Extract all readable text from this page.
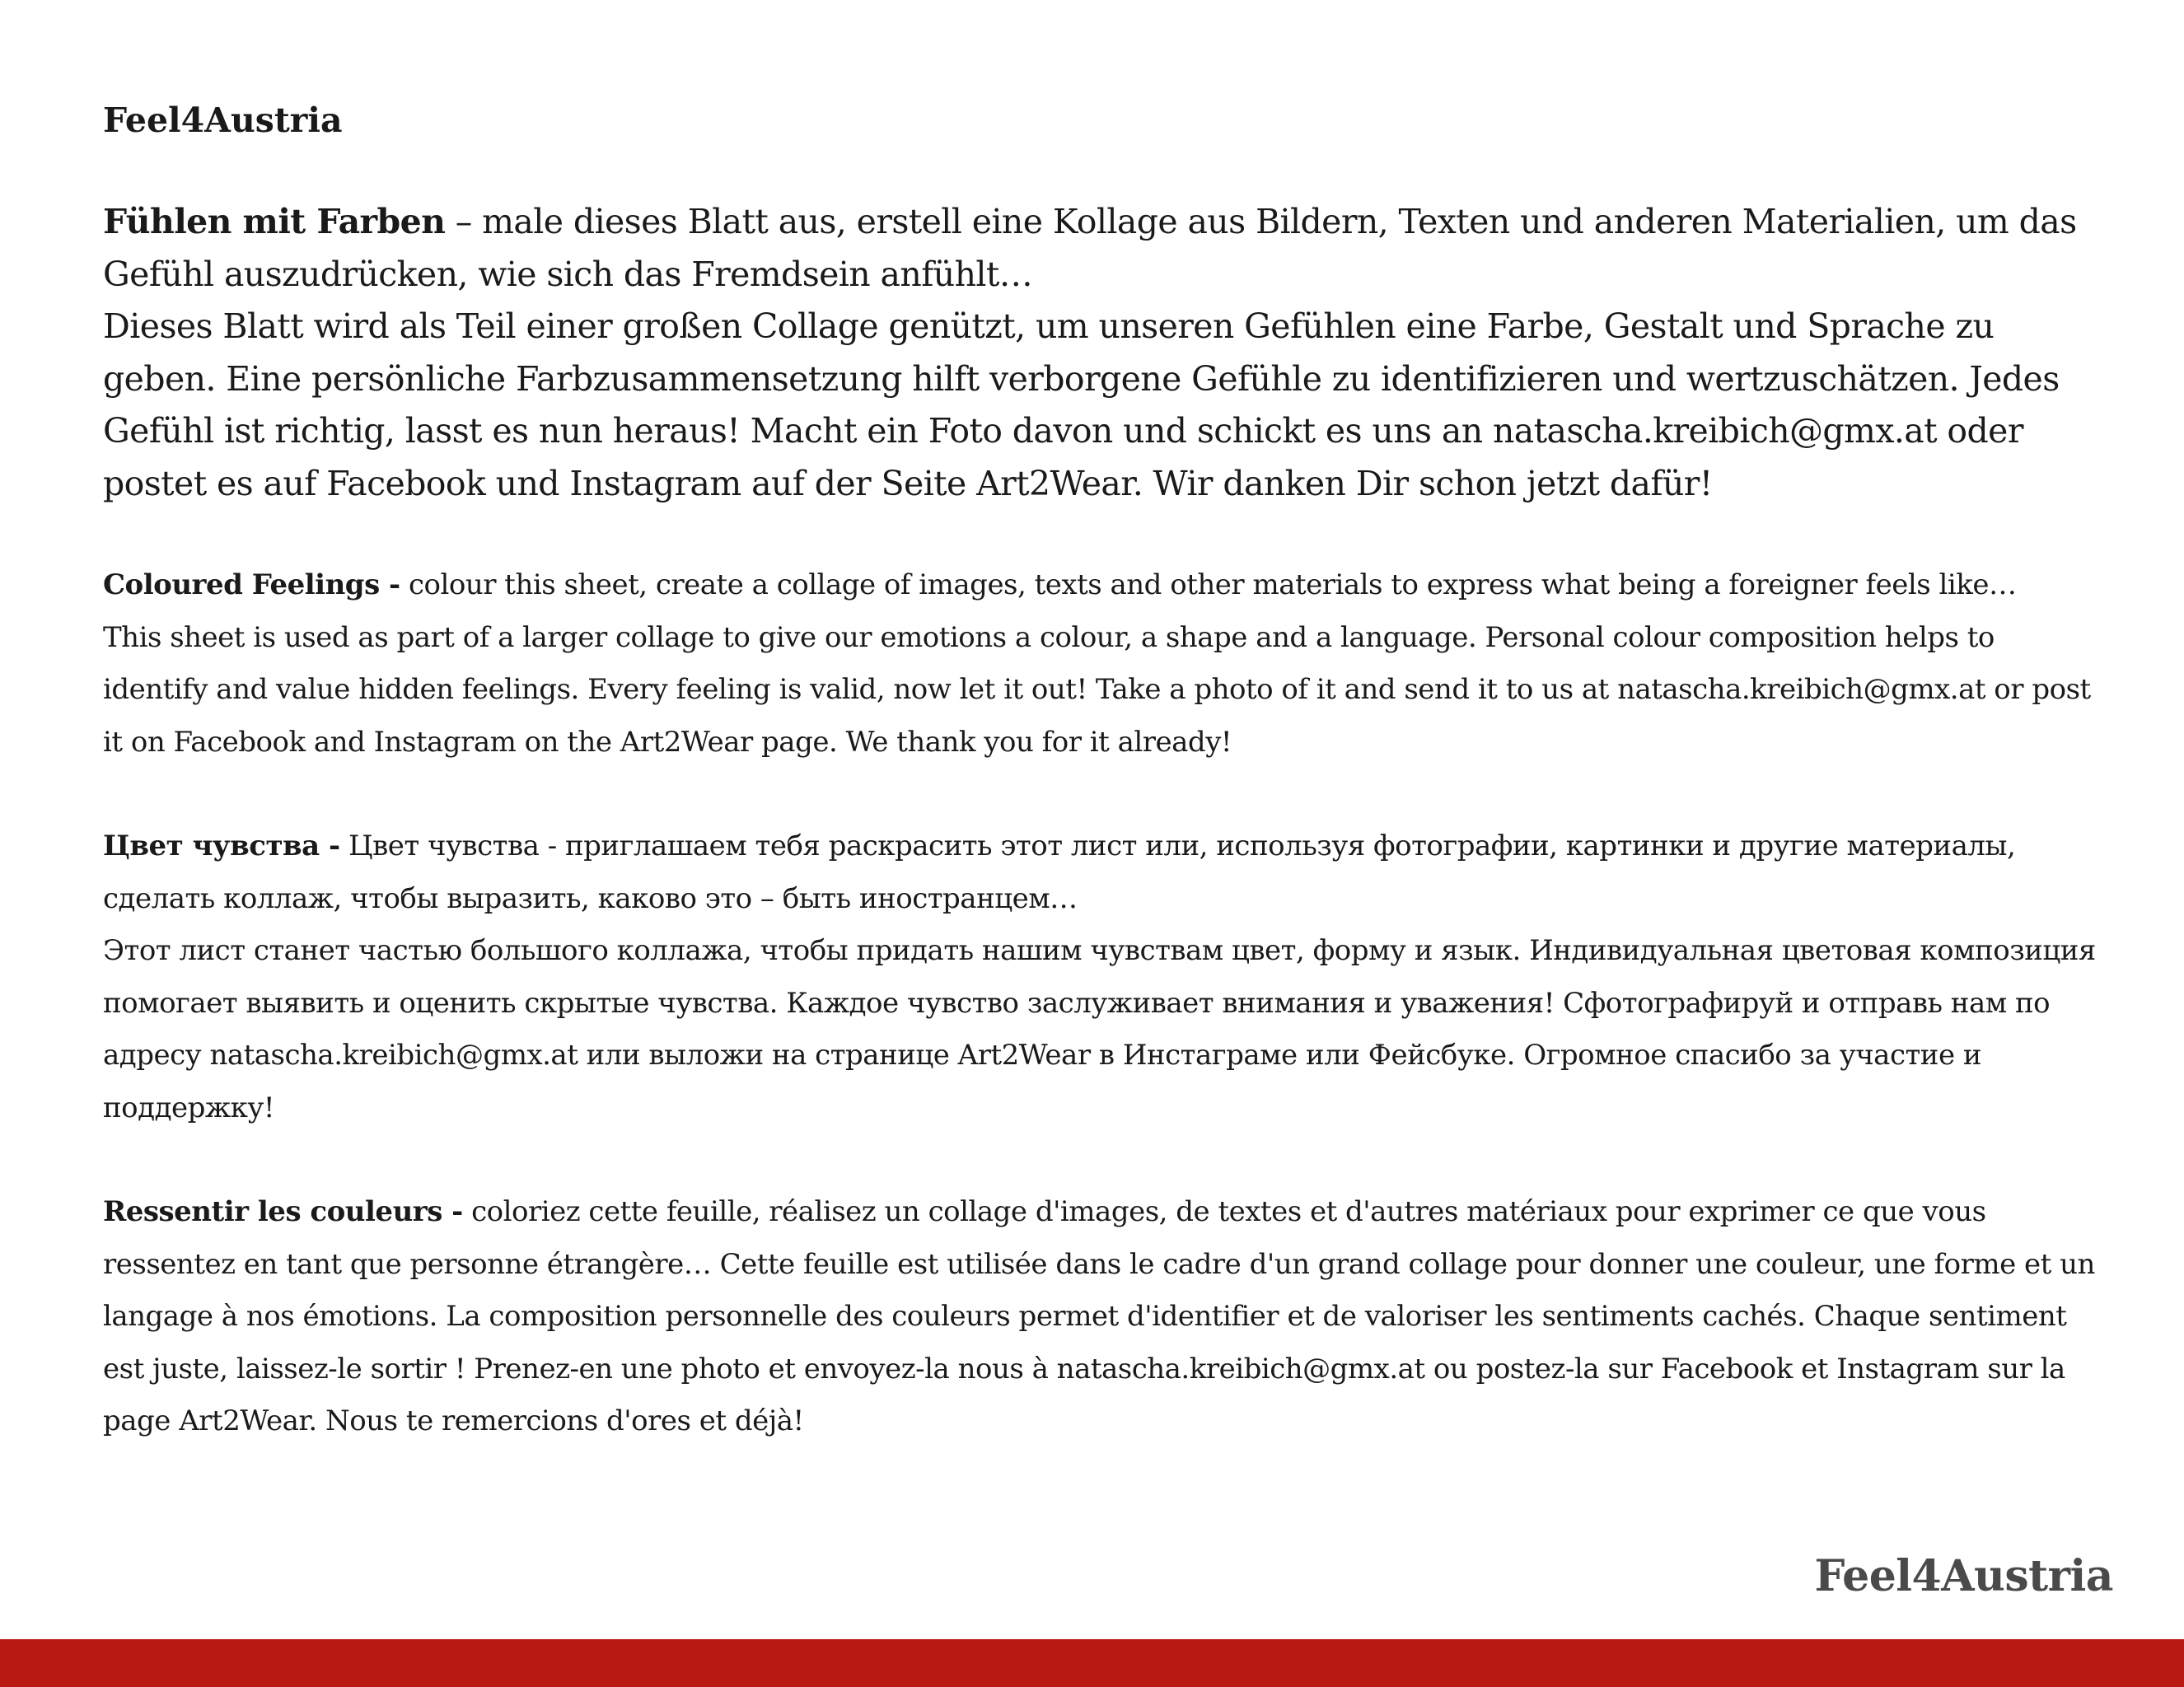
Feel4Austria

Fühlen mit Farben – male dieses Blatt aus, erstell eine Kollage aus Bildern, Texten und anderen Materialien, um das Gefühl auszudrücken, wie sich das Fremdsein anfühlt…

Dieses Blatt wird als Teil einer großen Collage genützt, um unseren Gefühlen eine Farbe, Gestalt und Sprache zu geben. Eine persönliche Farbzusammensetzung hilft verborgene Gefühle zu identifizieren und wertzuschätzen. Jedes Gefühl ist richtig, lasst es nun heraus! Macht ein Foto davon und schickt es uns an natascha.kreibich@gmx.at oder postet es auf Facebook und Instagram auf der Seite Art2Wear. Wir danken Dir schon jetzt dafür!

Coloured Feelings - colour this sheet, create a collage of images, texts and other materials to express what being a foreigner feels like…

This sheet is used as part of a larger collage to give our emotions a colour, a shape and a language. Personal colour composition helps to identify and value hidden feelings. Every feeling is valid, now let it out! Take a photo of it and send it to us at natascha.kreibich@gmx.at or post it on Facebook and Instagram on the Art2Wear page. We thank you for it already!

Цвет чувства - Цвет чувства - приглашаем тебя раскрасить этот лист или, используя фотографии, картинки и другие материалы, сделать коллаж, чтобы выразить, каково это – быть иностранцем…

Этот лист станет частью большого коллажа, чтобы придать нашим чувствам цвет, форму и язык. Индивидуальная цветовая композиция помогает выявить и оценить скрытые чувства. Каждое чувство заслуживает внимания и уважения! Сфотографируй и отправь нам по адресу natascha.kreibich@gmx.at или выложи на странице Art2Wear в Инстаграме или Фейсбуке. Огромное спасибо за участие и поддержку!

Ressentir les couleurs - coloriez cette feuille, réalisez un collage d'images, de textes et d'autres matériaux pour exprimer ce que vous ressentez en tant que personne étrangère… Cette feuille est utilisée dans le cadre d'un grand collage pour donner une couleur, une forme et un langage à nos émotions. La composition personnelle des couleurs permet d'identifier et de valoriser les sentiments cachés. Chaque sentiment est juste, laissez-le sortir ! Prenez-en une photo et envoyez-la nous à natascha.kreibich@gmx.at ou postez-la sur Facebook et Instagram sur la page Art2Wear. Nous te remercions d'ores et déjà!

Feel4Austria
